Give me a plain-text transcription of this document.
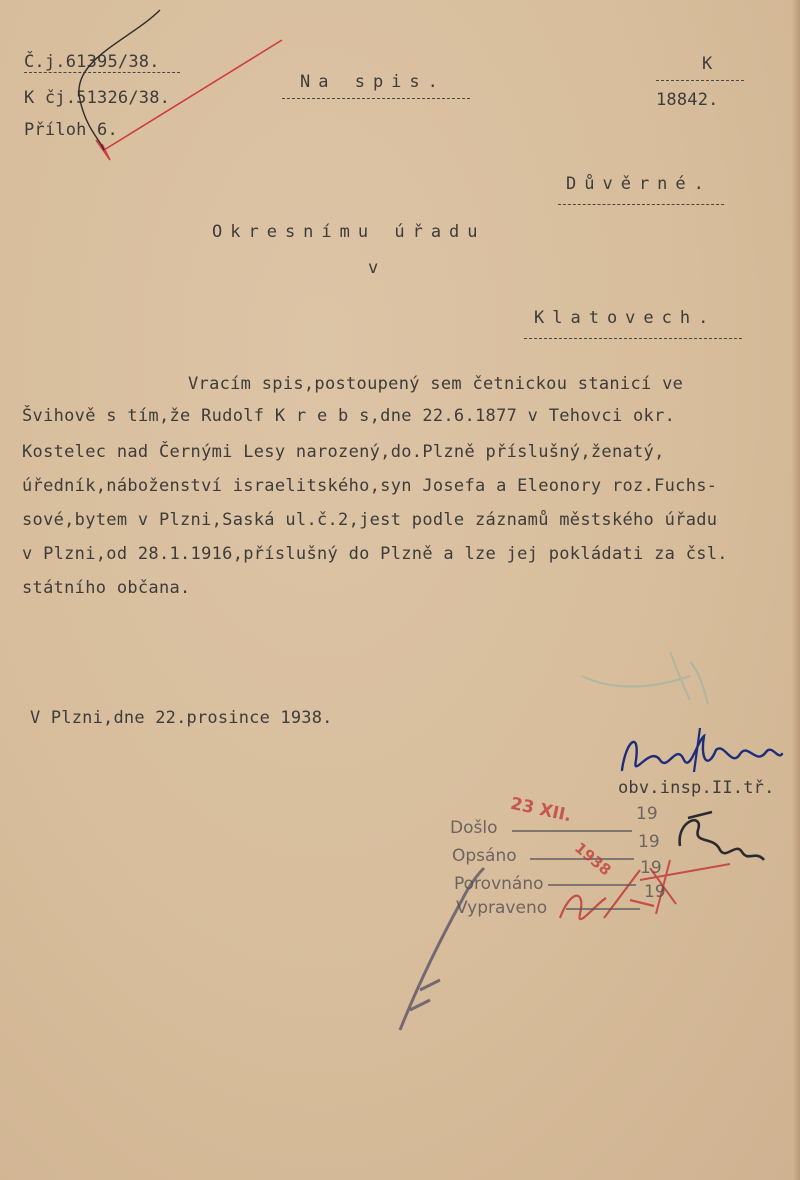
Č.j.61395/38.
K čj.51326/38.
Příloh 6.
Na spis.
K
18842.
Důvěrné.
Okresnímu úřadu
v
Klatovech.
Vracím spis,postoupený sem četnickou stanicí ve
Švihově s tím,že Rudolf K r e b s,dne 22.6.1877 v Tehovci okr.
Kostelec nad Černými Lesy narozený,do.Plzně příslušný,ženatý,
úředník,náboženství israelitského,syn Josefa a Eleonory roz.Fuchs-
sové,bytem v Plzni,Saská ul.č.2,jest podle záznamů městského úřadu
v Plzni,od 28.1.1916,příslušný do Plzně a lze jej pokládati za čsl.
státního občana.
V Plzni,dne 22.prosince 1938.
obv.insp.II.tř.
Došlo
Opsáno
Porovnáno
Vypraveno
19
19
19
19
23 XII.
1938
